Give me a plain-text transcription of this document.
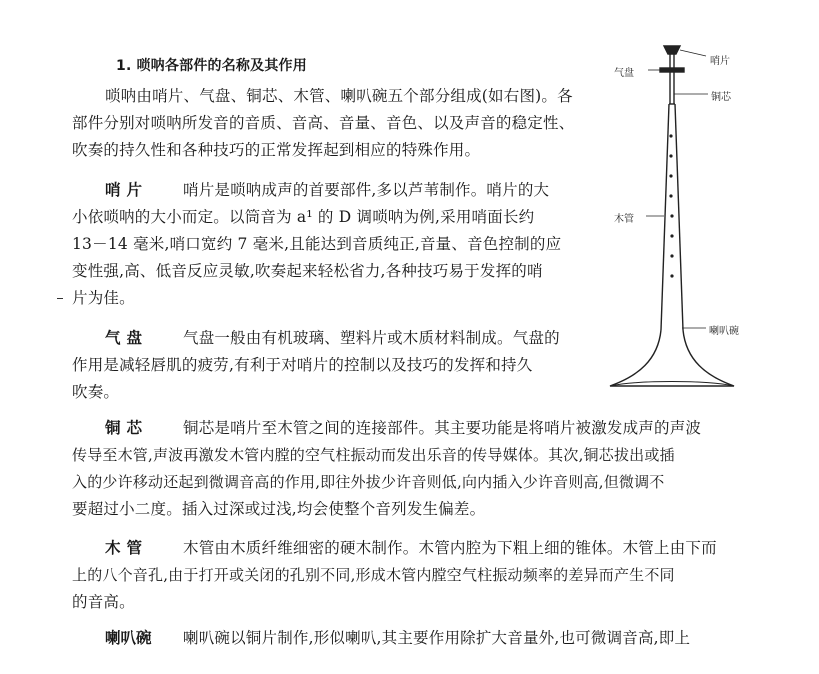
1. 唢呐各部件的名称及其作用
唢呐由哨片、气盘、铜芯、木管、喇叭碗五个部分组成(如右图)。各
部件分别对唢呐所发音的音质、音高、音量、音色、以及声音的稳定性、
吹奏的持久性和各种技巧的正常发挥起到相应的特殊作用。
哨片 哨片是唢呐成声的首要部件,多以芦苇制作。哨片的大
小依唢呐的大小而定。以筒音为 a¹ 的 D 调唢呐为例,采用哨面长约
13－14 毫米,哨口宽约 7 毫米,且能达到音质纯正,音量、音色控制的应
变性强,高、低音反应灵敏,吹奏起来轻松省力,各种技巧易于发挥的哨
片为佳。
气盘 气盘一般由有机玻璃、塑料片或木质材料制成。气盘的
作用是减轻唇肌的疲劳,有利于对哨片的控制以及技巧的发挥和持久
吹奏。
铜芯 铜芯是哨片至木管之间的连接部件。其主要功能是将哨片被激发成声的声波
传导至木管,声波再激发木管内膛的空气柱振动而发出乐音的传导媒体。其次,铜芯拔出或插
入的少许移动还起到微调音高的作用,即往外拔少许音则低,向内插入少许音则高,但微调不
要超过小二度。插入过深或过浅,均会使整个音列发生偏差。
木管 木管由木质纤维细密的硬木制作。木管内腔为下粗上细的锥体。木管上由下而
上的八个音孔,由于打开或关闭的孔别不同,形成木管内膛空气柱振动频率的差异而产生不同
的音高。
喇叭碗 喇叭碗以铜片制作,形似喇叭,其主要作用除扩大音量外,也可微调音高,即上
气盘
哨片
铜芯
木管
喇叭碗
